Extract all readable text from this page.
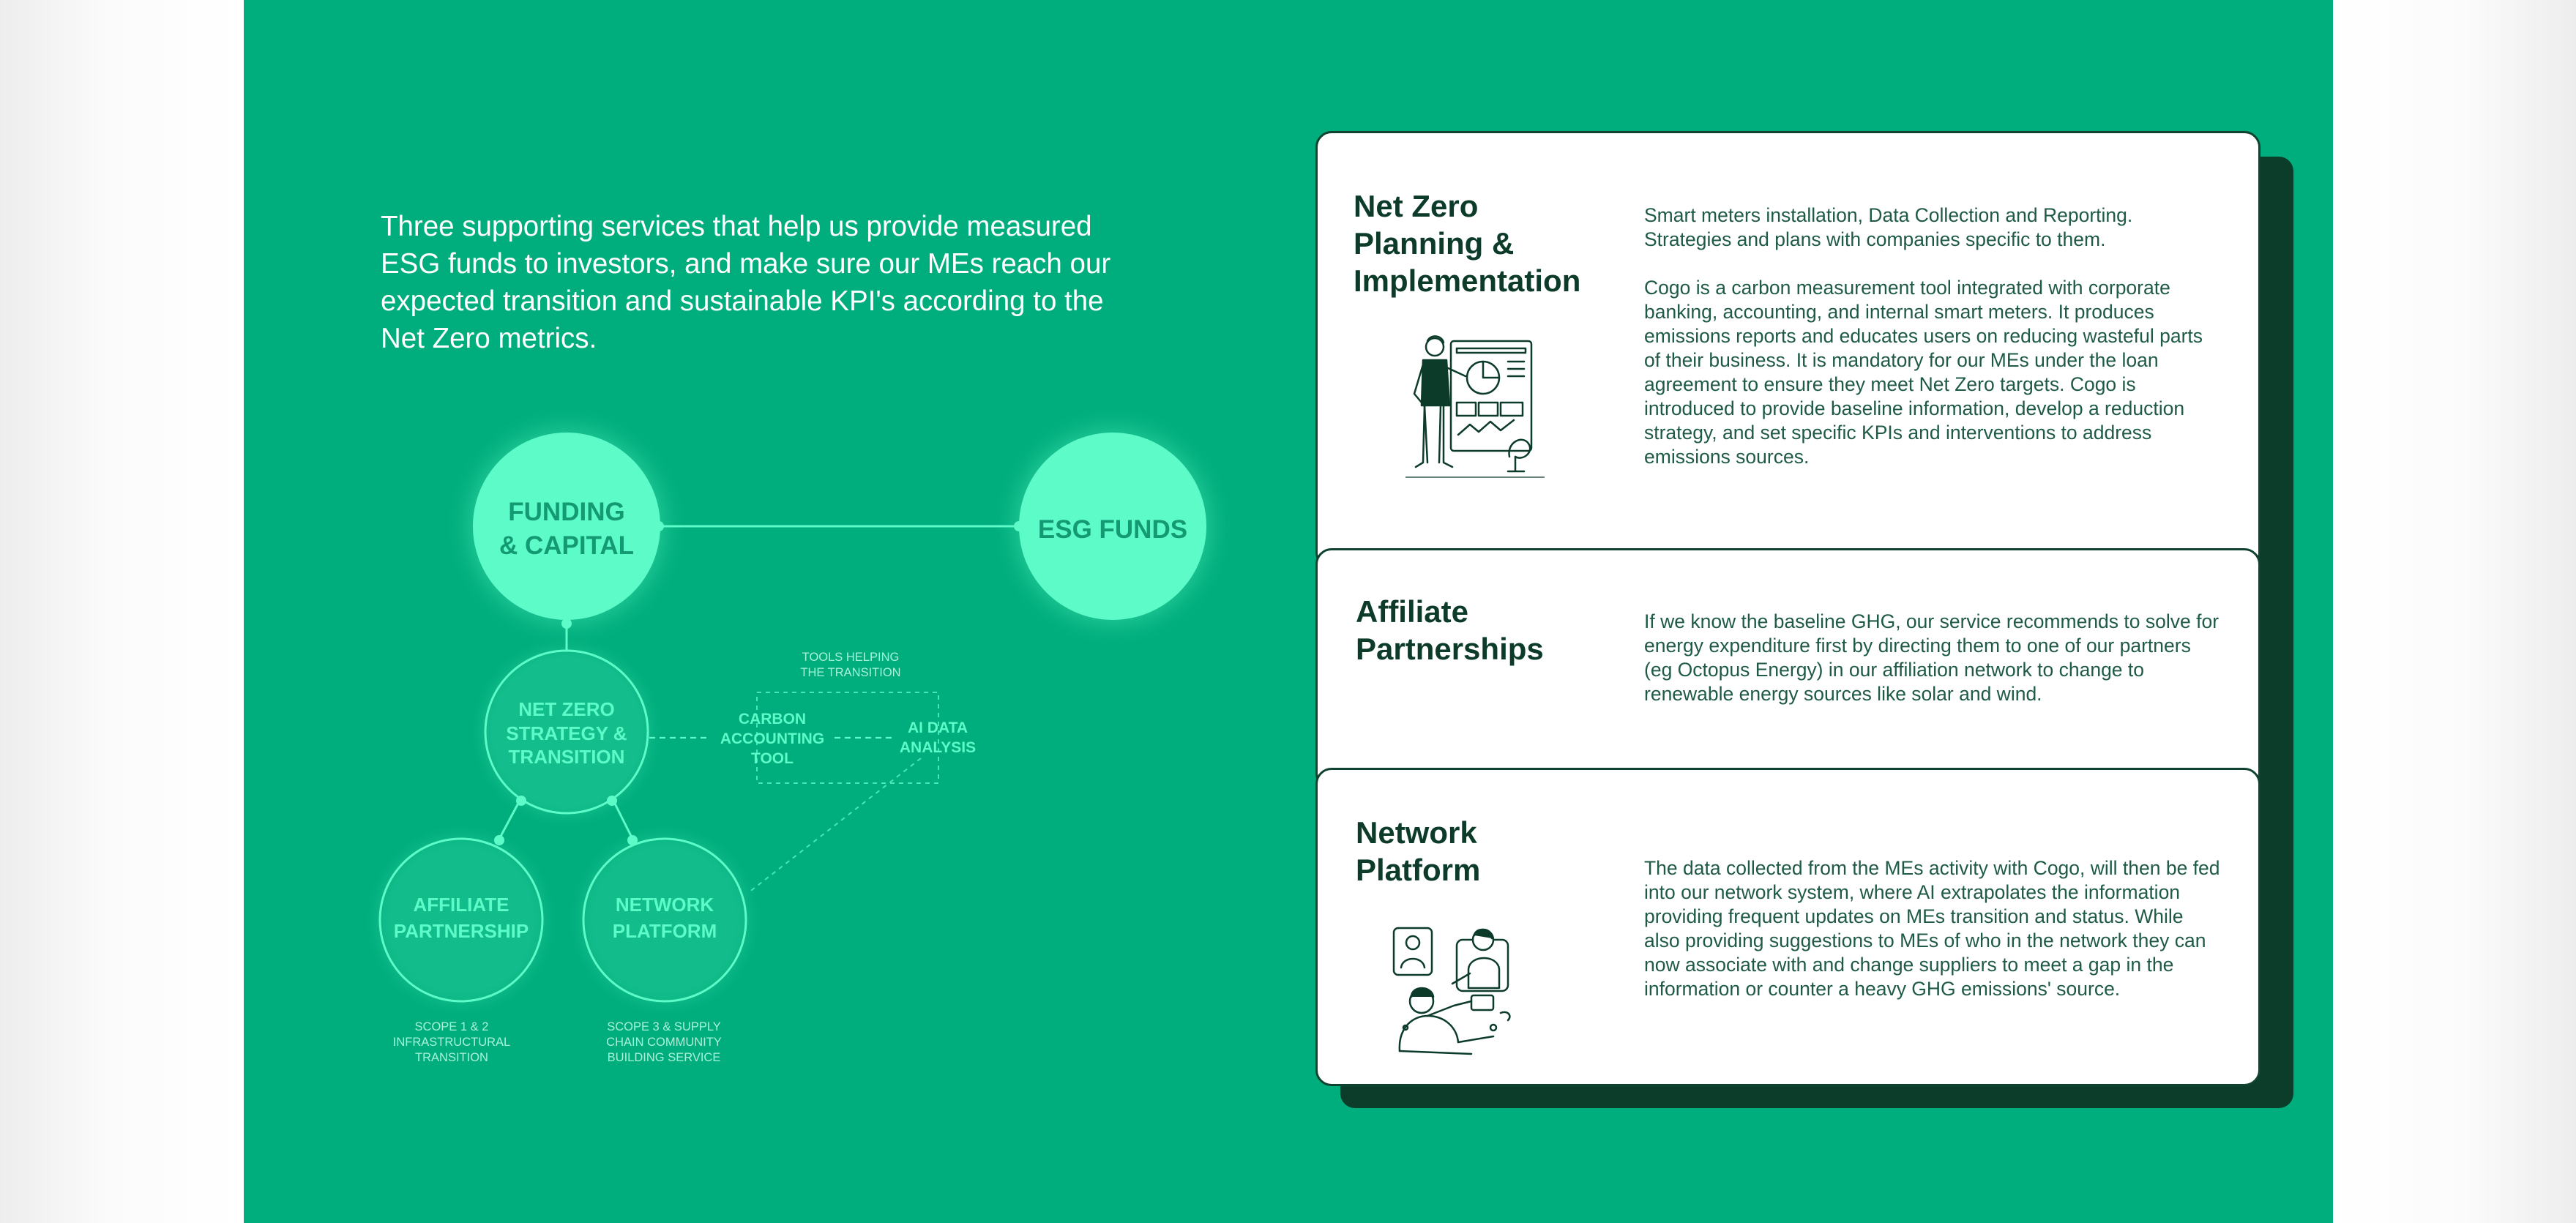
Three supporting services that help us provide measured ESG funds to investors, and make sure our MEs reach our expected transition and sustainable KPI's according to the Net Zero metrics.

FUNDING
& CAPITAL
ESG FUNDS
NET ZERO
STRATEGY &
TRANSITION
AFFILIATE
PARTNERSHIP
NETWORK
PLATFORM
TOOLS HELPING
THE TRANSITION
CARBON
ACCOUNTING
TOOL
AI DATA
ANALYSIS
SCOPE 1 & 2
INFRASTRUCTURAL
TRANSITION
SCOPE 3 & SUPPLY
CHAIN COMMUNITY
BUILDING SERVICE
Net Zero
Planning &
Implementation

Smart meters installation, Data Collection and Reporting. Strategies and plans with companies specific to them.

Cogo is a carbon measurement tool integrated with corporate banking, accounting, and internal smart meters. It produces emissions reports and educates users on reducing wasteful parts of their business. It is mandatory for our MEs under the loan agreement to ensure they meet Net Zero targets. Cogo is introduced to provide baseline information, develop a reduction strategy, and set specific KPIs and interventions to address emissions sources.

Affiliate
Partnerships

If we know the baseline GHG, our service recommends to solve for energy expenditure first by directing them to one of our partners (eg Octopus Energy) in our affiliation network to change to renewable energy sources like solar and wind.

Network
Platform	The data collected from the MEs activity with Cogo, will then be fed into our network system, where AI extrapolates the information providing frequent updates on MEs transition and status. While also providing suggestions to MEs of who in the network they can now associate with and change suppliers to meet a gap in the information or counter a heavy GHG emissions' source.
